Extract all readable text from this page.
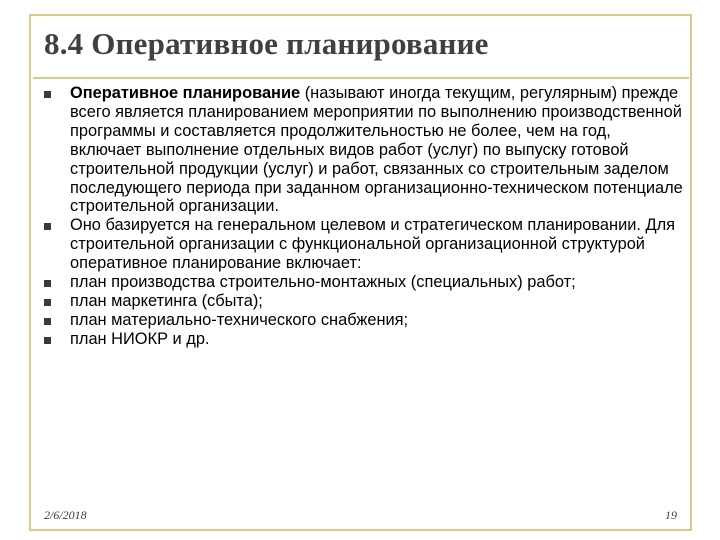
8.4 Оперативное планирование
Оперативное планирование (называют иногда текущим, регулярным) прежде всего является планированием мероприятии по выполнению производственной программы и составляется продолжительностью не более, чем на год, включает выполнение отдельных видов работ (услуг) по выпуску готовой строительной продукции (услуг) и работ, связанных со строительным заделом последующего периода при заданном организационно-техническом потенциале строительной организации.
Оно базируется на генеральном целевом и стратегическом планировании. Для строительной организации с функциональной организационной структурой оперативное планирование включает:
план производства строительно-монтажных (специальных) работ;
план маркетинга (сбыта);
план материально-технического снабжения;
план НИОКР и др.
2/6/2018	19
